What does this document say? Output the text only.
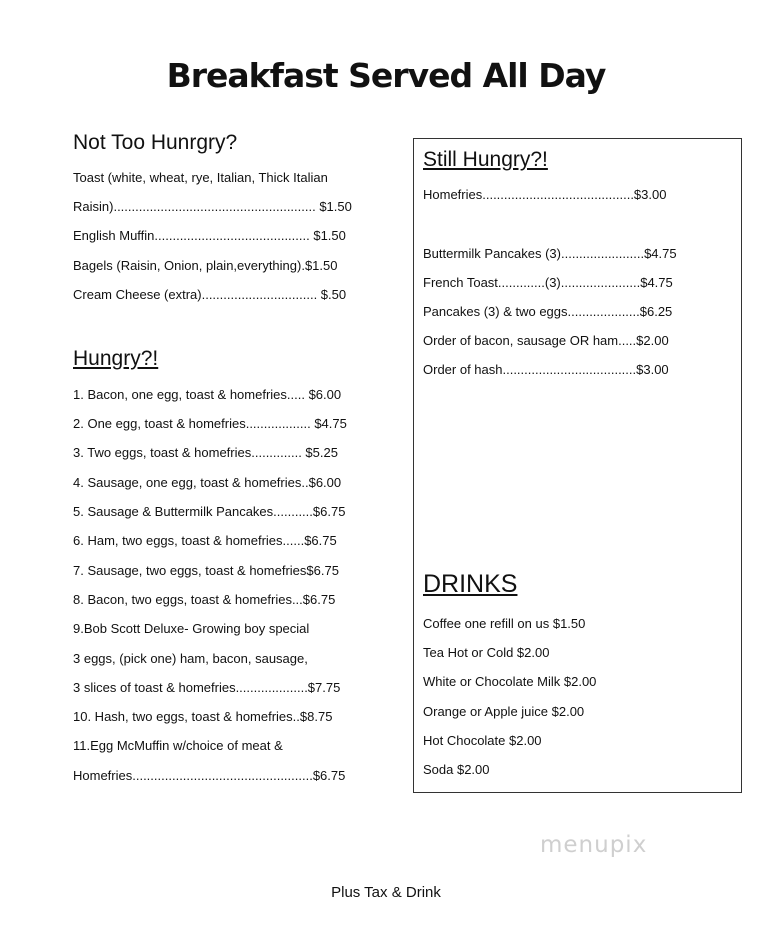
Breakfast Served All Day
Not Too Hunrgry?
Toast (white, wheat, rye, Italian, Thick Italian
Raisin)........................................................ $1.50
English Muffin........................................... $1.50
Bagels (Raisin, Onion, plain,everything).$1.50
Cream Cheese (extra)................................ $.50
Hungry?!
1. Bacon, one egg, toast & homefries..... $6.00
2. One egg, toast & homefries.................. $4.75
3. Two eggs, toast & homefries.............. $5.25
4. Sausage, one egg, toast & homefries..$6.00
5. Sausage & Buttermilk Pancakes...........$6.75
6. Ham, two eggs, toast & homefries......$6.75
7. Sausage, two eggs, toast & homefries$6.75
8. Bacon, two eggs, toast & homefries...$6.75
9.Bob Scott Deluxe- Growing boy special
3 eggs, (pick one) ham, bacon, sausage,
3 slices of toast & homefries....................$7.75
10. Hash, two eggs, toast & homefries..$8.75
11.Egg McMuffin w/choice of meat &
Homefries..................................................$6.75
Still Hungry?!
Homefries..........................................$3.00
Buttermilk Pancakes (3).......................$4.75
French Toast.............(3)......................$4.75
Pancakes (3) & two eggs....................$6.25
Order of bacon, sausage OR ham.....$2.00
Order of hash.....................................$3.00
DRINKS
Coffee one refill on us $1.50
Tea Hot or Cold $2.00
White or Chocolate Milk $2.00
Orange or Apple juice $2.00
Hot Chocolate $2.00
Soda $2.00
menupix
Plus Tax & Drink
